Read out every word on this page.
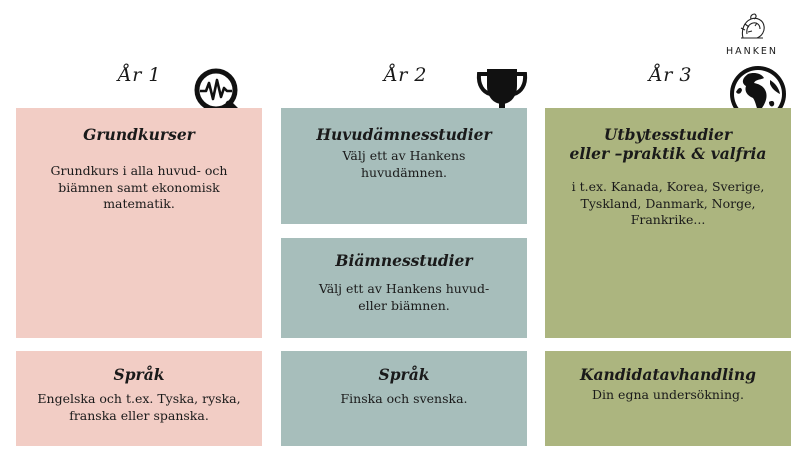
HANKEN
År 1	År 2	År 3
Grundkurser

Grundkurs i alla huvud- och biämnen samt ekonomisk matematik.

Språk

Engelska och t.ex. Tyska, ryska, franska eller spanska.

Huvudämnesstudier

Välj ett av Hankens huvudämnen.

Biämnesstudier

Välj ett av Hankens huvud-eller biämnen.

Språk

Finska och svenska.

Utbytesstudier
eller –praktik & valfria

i t.ex. Kanada, Korea, Sverige, Tyskland, Danmark, Norge, Frankrike...

Kandidatavhandling

Din egna undersökning.
